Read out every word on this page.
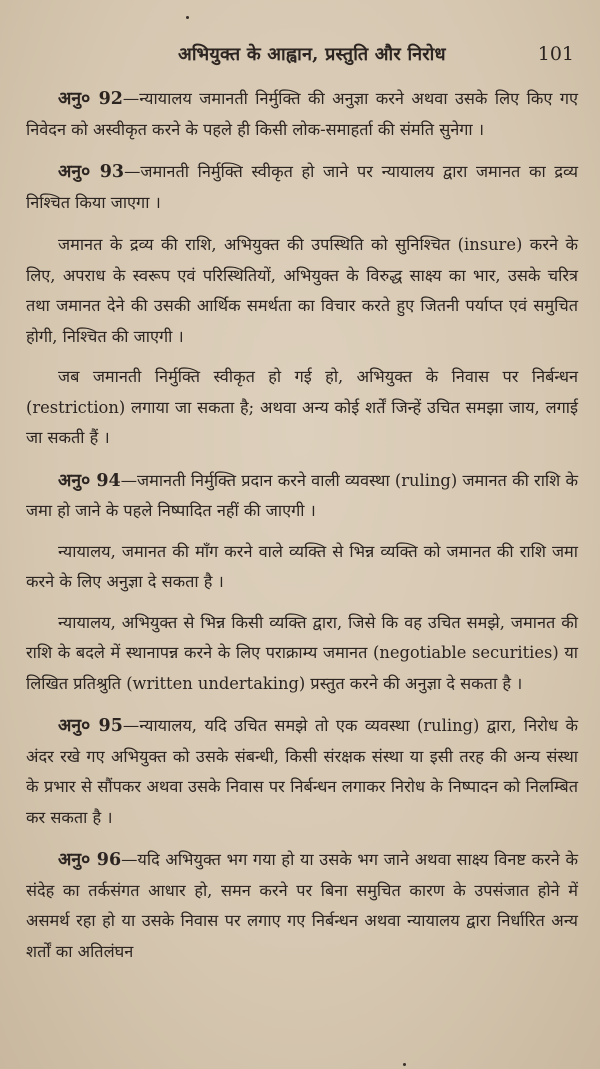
अभियुक्त के आह्वान, प्रस्तुति और निरोध	101

अनु० 92—न्यायालय जमानती निर्मुक्ति की अनुज्ञा करने अथवा उसके लिए किए गए निवेदन को अस्वीकृत करने के पहले ही किसी लोक-समाहर्ता की संमति सुनेगा ।

अनु० 93—जमानती निर्मुक्ति स्वीकृत हो जाने पर न्यायालय द्वारा जमानत का द्रव्य निश्चित किया जाएगा ।

जमानत के द्रव्य की राशि, अभियुक्त की उपस्थिति को सुनिश्चित (insure) करने के लिए, अपराध के स्वरूप एवं परिस्थितियों, अभियुक्त के विरुद्ध साक्ष्य का भार, उसके चरित्र तथा जमानत देने की उसकी आर्थिक समर्थता का विचार करते हुए जितनी पर्याप्त एवं समुचित होगी, निश्चित की जाएगी ।

जब जमानती निर्मुक्ति स्वीकृत हो गई हो, अभियुक्त के निवास पर निर्बन्धन (restriction) लगाया जा सकता है; अथवा अन्य कोई शर्तें जिन्हें उचित समझा जाय, लगाई जा सकती हैं ।

अनु० 94—जमानती निर्मुक्ति प्रदान करने वाली व्यवस्था (ruling) जमानत की राशि के जमा हो जाने के पहले निष्पादित नहीं की जाएगी ।

न्यायालय, जमानत की माँग करने वाले व्यक्ति से भिन्न व्यक्ति को जमानत की राशि जमा करने के लिए अनुज्ञा दे सकता है ।

न्यायालय, अभियुक्त से भिन्न किसी व्यक्ति द्वारा, जिसे कि वह उचित समझे, जमानत की राशि के बदले में स्थानापन्न करने के लिए पराक्राम्य जमानत (negotiable securities) या लिखित प्रतिश्रुति (written undertaking) प्रस्तुत करने की अनुज्ञा दे सकता है ।

अनु० 95—न्यायालय, यदि उचित समझे तो एक व्यवस्था (ruling) द्वारा, निरोध के अंदर रखे गए अभियुक्त को उसके संबन्धी, किसी संरक्षक संस्था या इसी तरह की अन्य संस्था के प्रभार से सौंपकर अथवा उसके निवास पर निर्बन्धन लगाकर निरोध के निष्पादन को निलम्बित कर सकता है ।

अनु० 96—यदि अभियुक्त भग गया हो या उसके भग जाने अथवा साक्ष्य विनष्ट करने के संदेह का तर्कसंगत आधार हो, समन करने पर बिना समुचित कारण के उपसंजात होने में असमर्थ रहा हो या उसके निवास पर लगाए गए निर्बन्धन अथवा न्यायालय द्वारा निर्धारित अन्य शर्तों का अतिलंघन
